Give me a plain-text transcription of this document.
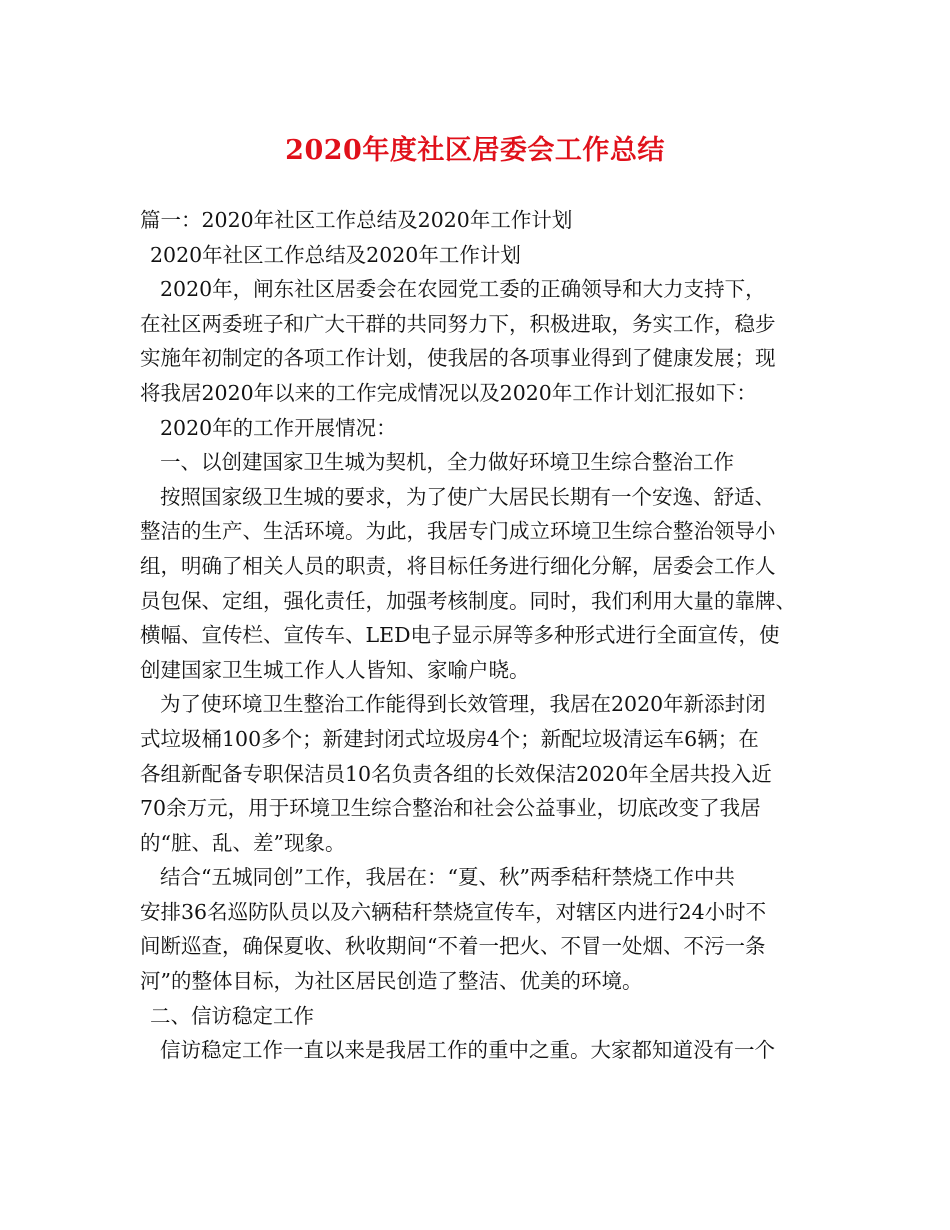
2020年度社区居委会工作总结
篇一：2020年社区工作总结及2020年工作计划
2020年社区工作总结及2020年工作计划
2020年，闸东社区居委会在农园党工委的正确领导和大力支持下，
在社区两委班子和广大干群的共同努力下，积极进取，务实工作，稳步
实施年初制定的各项工作计划，使我居的各项事业得到了健康发展；现
将我居2020年以来的工作完成情况以及2020年工作计划汇报如下：
2020年的工作开展情况：
一、以创建国家卫生城为契机，全力做好环境卫生综合整治工作
按照国家级卫生城的要求，为了使广大居民长期有一个安逸、舒适、
整洁的生产、生活环境。为此，我居专门成立环境卫生综合整治领导小
组，明确了相关人员的职责，将目标任务进行细化分解，居委会工作人
员包保、定组，强化责任，加强考核制度。同时，我们利用大量的靠牌、
横幅、宣传栏、宣传车、LED电子显示屏等多种形式进行全面宣传，使
创建国家卫生城工作人人皆知、家喻户晓。
为了使环境卫生整治工作能得到长效管理，我居在2020年新添封闭
式垃圾桶100多个；新建封闭式垃圾房4个；新配垃圾清运车6辆；在
各组新配备专职保洁员10名负责各组的长效保洁2020年全居共投入近
70余万元，用于环境卫生综合整治和社会公益事业，切底改变了我居
的“脏、乱、差”现象。
结合“五城同创”工作，我居在：“夏、秋”两季秸秆禁烧工作中共
安排36名巡防队员以及六辆秸秆禁烧宣传车，对辖区内进行24小时不
间断巡查，确保夏收、秋收期间“不着一把火、不冒一处烟、不污一条
河”的整体目标，为社区居民创造了整洁、优美的环境。
二、信访稳定工作
信访稳定工作一直以来是我居工作的重中之重。大家都知道没有一个
